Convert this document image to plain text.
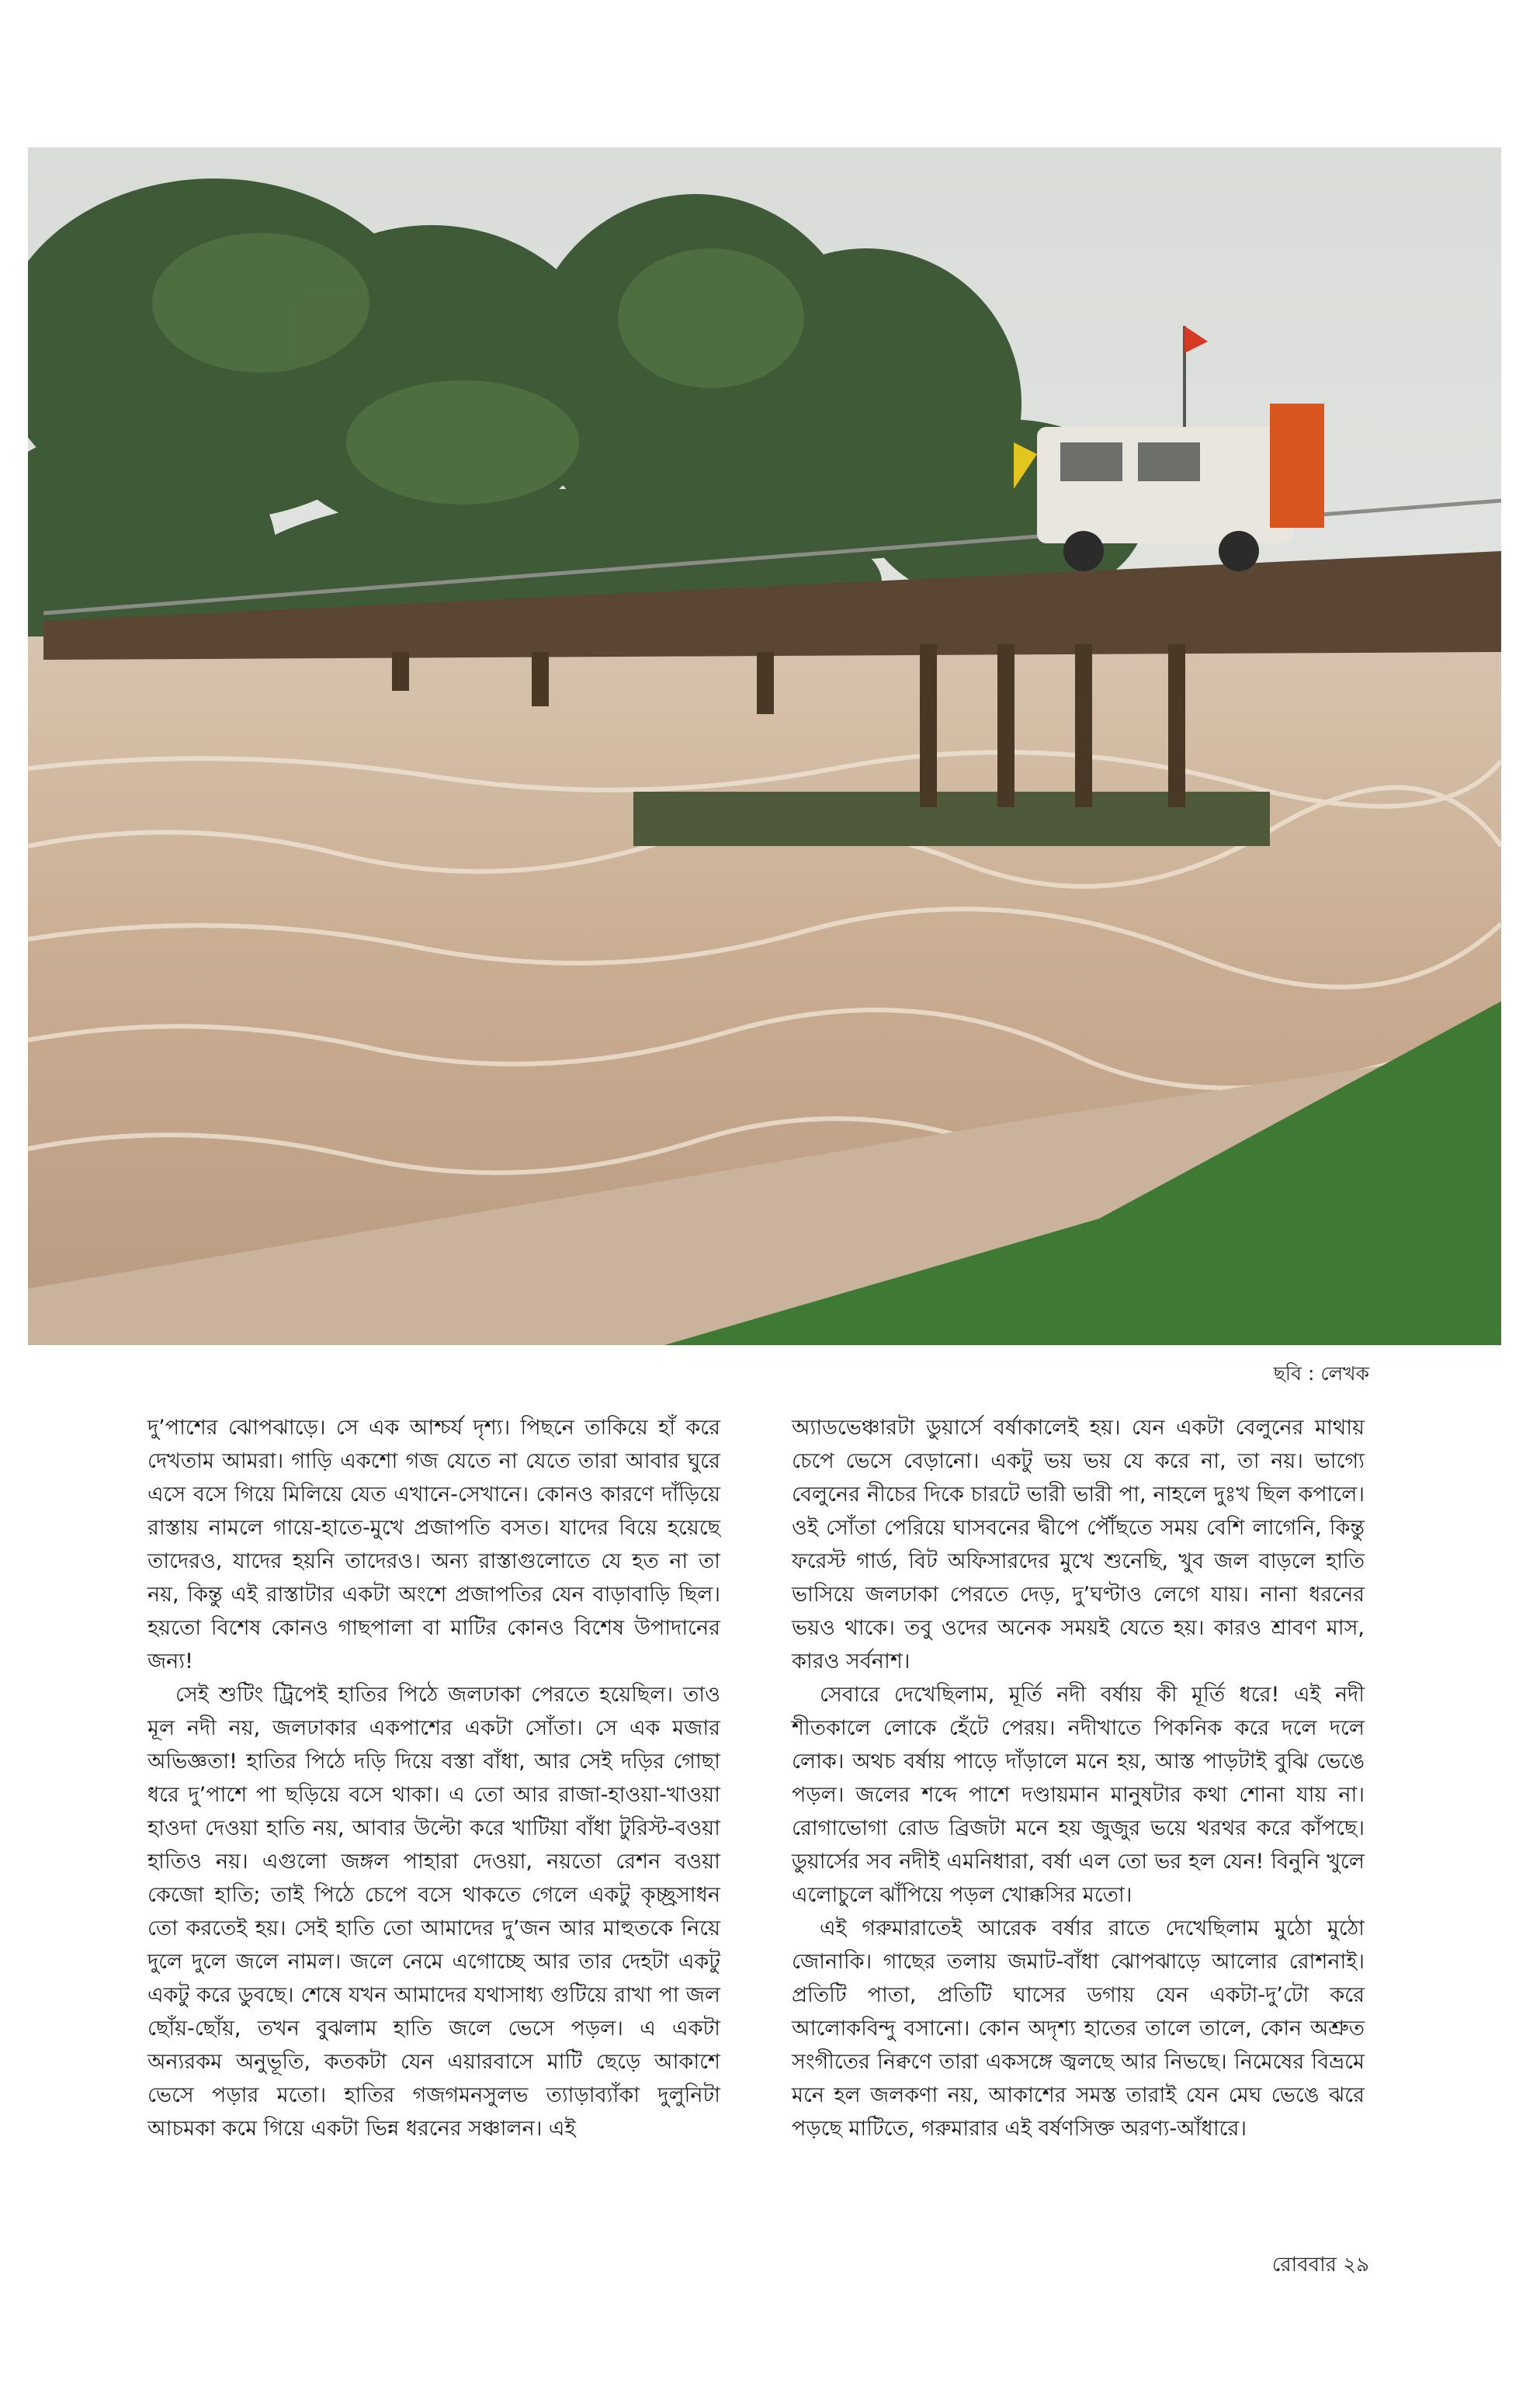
ছবি : লেখক

দু’পাশের ঝোপঝাড়ে। সে এক আশ্চর্য দৃশ্য। পিছনে তাকিয়ে হাঁ করে দেখতাম আমরা। গাড়ি একশো গজ যেতে না যেতে তারা আবার ঘুরে এসে বসে গিয়ে মিলিয়ে যেত এখানে-সেখানে। কোনও কারণে দাঁড়িয়ে রাস্তায় নামলে গায়ে-হাতে-মুখে প্রজাপতি বসত। যাদের বিয়ে হয়েছে তাদেরও, যাদের হয়নি তাদেরও। অন্য রাস্তাগুলোতে যে হত না তা নয়, কিন্তু এই রাস্তাটার একটা অংশে প্রজাপতির যেন বাড়াবাড়ি ছিল। হয়তো বিশেষ কোনও গাছপালা বা মাটির কোনও বিশেষ উপাদানের জন্য!

সেই শুটিং ট্রিপেই হাতির পিঠে জলঢাকা পেরতে হয়েছিল। তাও মূল নদী নয়, জলঢাকার একপাশের একটা সোঁতা। সে এক মজার অভিজ্ঞতা! হাতির পিঠে দড়ি দিয়ে বস্তা বাঁধা, আর সেই দড়ির গোছা ধরে দু’পাশে পা ছড়িয়ে বসে থাকা। এ তো আর রাজা-হাওয়া-খাওয়া হাওদা দেওয়া হাতি নয়, আবার উল্টো করে খাটিয়া বাঁধা টুরিস্ট-বওয়া হাতিও নয়। এগুলো জঙ্গল পাহারা দেওয়া, নয়তো রেশন বওয়া কেজো হাতি; তাই পিঠে চেপে বসে থাকতে গেলে একটু কৃচ্ছ্রসাধন তো করতেই হয়। সেই হাতি তো আমাদের দু’জন আর মাহুতকে নিয়ে দুলে দুলে জলে নামল। জলে নেমে এগোচ্ছে আর তার দেহটা একটু একটু করে ডুবছে। শেষে যখন আমাদের যথাসাধ্য গুটিয়ে রাখা পা জল ছোঁয়-ছোঁয়, তখন বুঝলাম হাতি জলে ভেসে পড়ল। এ একটা অন্যরকম অনুভূতি, কতকটা যেন এয়ারবাসে মাটি ছেড়ে আকাশে ভেসে পড়ার মতো। হাতির গজগমনসুলভ ত্যাড়াব্যাঁকা দুলুনিটা আচমকা কমে গিয়ে একটা ভিন্ন ধরনের সঞ্চালন। এই

অ্যাডভেঞ্চারটা ডুয়ার্সে বর্ষাকালেই হয়। যেন একটা বেলুনের মাথায় চেপে ভেসে বেড়ানো। একটু ভয় ভয় যে করে না, তা নয়। ভাগ্যে বেলুনের নীচের দিকে চারটে ভারী ভারী পা, নাহলে দুঃখ ছিল কপালে। ওই সোঁতা পেরিয়ে ঘাসবনের দ্বীপে পৌঁছতে সময় বেশি লাগেনি, কিন্তু ফরেস্ট গার্ড, বিট অফিসারদের মুখে শুনেছি, খুব জল বাড়লে হাতি ভাসিয়ে জলঢাকা পেরতে দেড়, দু’ঘণ্টাও লেগে যায়। নানা ধরনের ভয়ও থাকে। তবু ওদের অনেক সময়ই যেতে হয়। কারও শ্রাবণ মাস, কারও সর্বনাশ।

সেবারে দেখেছিলাম, মূর্তি নদী বর্ষায় কী মূর্তি ধরে! এই নদী শীতকালে লোকে হেঁটে পেরয়। নদীখাতে পিকনিক করে দলে দলে লোক। অথচ বর্ষায় পাড়ে দাঁড়ালে মনে হয়, আস্ত পাড়টাই বুঝি ভেঙে পড়ল। জলের শব্দে পাশে দণ্ডায়মান মানুষটার কথা শোনা যায় না। রোগাভোগা রোড ব্রিজটা মনে হয় জুজুর ভয়ে থরথর করে কাঁপছে। ডুয়ার্সের সব নদীই এমনিধারা, বর্ষা এল তো ভর হল যেন! বিনুনি খুলে এলোচুলে ঝাঁপিয়ে পড়ল খোক্কসির মতো।

এই গরুমারাতেই আরেক বর্ষার রাতে দেখেছিলাম মুঠো মুঠো জোনাকি। গাছের তলায় জমাট-বাঁধা ঝোপঝাড়ে আলোর রোশনাই। প্রতিটি পাতা, প্রতিটি ঘাসের ডগায় যেন একটা-দু’টো করে আলোকবিন্দু বসানো। কোন অদৃশ্য হাতের তালে তালে, কোন অশ্রুত সংগীতের নিক্বণে তারা একসঙ্গে জ্বলছে আর নিভছে। নিমেষের বিভ্রমে মনে হল জলকণা নয়, আকাশের সমস্ত তারাই যেন মেঘ ভেঙে ঝরে পড়ছে মাটিতে, গরুমারার এই বর্ষণসিক্ত অরণ্য-আঁধারে।

রোববার ২৯
